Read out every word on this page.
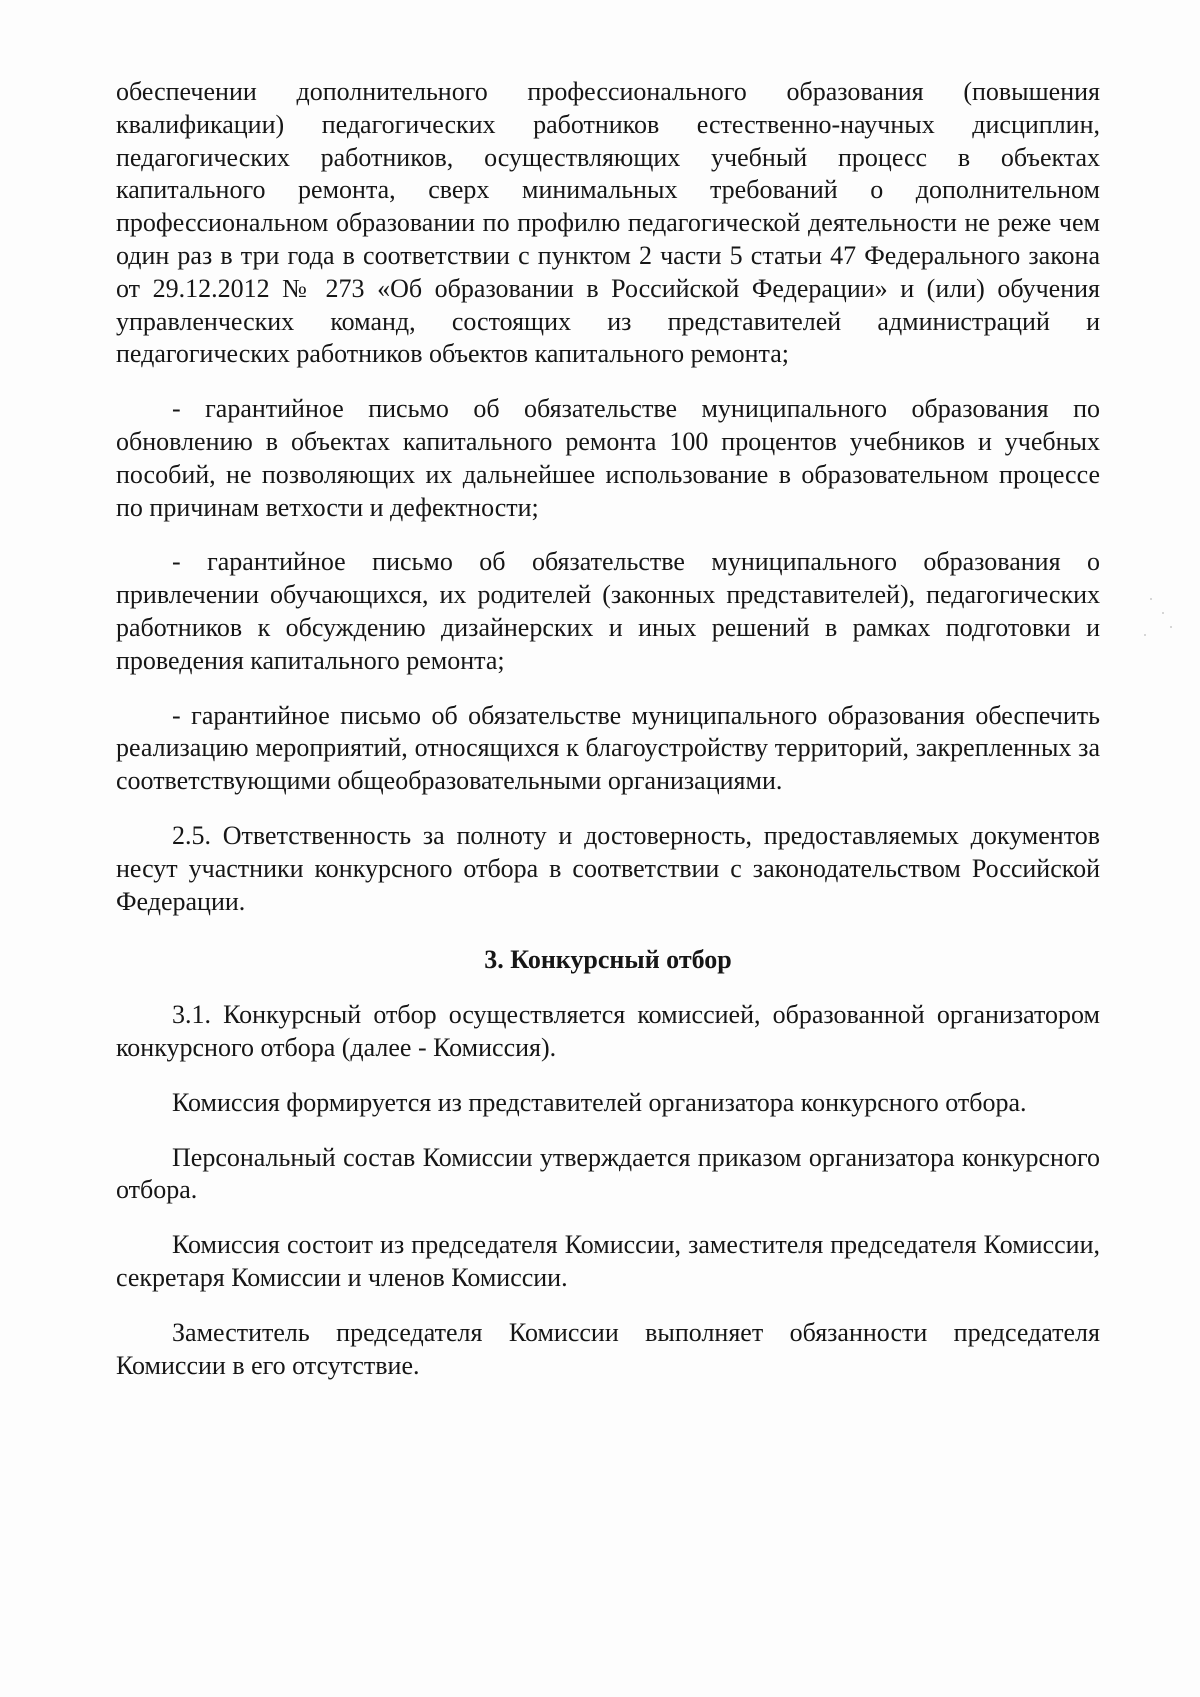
обеспечении дополнительного профессионального образования (повышения квалификации) педагогических работников естественно-научных дисциплин, педагогических работников, осуществляющих учебный процесс в объектах капитального ремонта, сверх минимальных требований о дополнительном профессиональном образовании по профилю педагогической деятельности не реже чем один раз в три года в соответствии с пунктом 2 части 5 статьи 47 Федерального закона от 29.12.2012 № 273 «Об образовании в Российской Федерации» и (или) обучения управленческих команд, состоящих из представителей администраций и педагогических работников объектов капитального ремонта;

- гарантийное письмо об обязательстве муниципального образования по обновлению в объектах капитального ремонта 100 процентов учебников и учебных пособий, не позволяющих их дальнейшее использование в образовательном процессе по причинам ветхости и дефектности;

- гарантийное письмо об обязательстве муниципального образования о привлечении обучающихся, их родителей (законных представителей), педагогических работников к обсуждению дизайнерских и иных решений в рамках подготовки и проведения капитального ремонта;

- гарантийное письмо об обязательстве муниципального образования обеспечить реализацию мероприятий, относящихся к благоустройству территорий, закрепленных за соответствующими общеобразовательными организациями.

2.5. Ответственность за полноту и достоверность, предоставляемых документов несут участники конкурсного отбора в соответствии с законодательством Российской Федерации.

3. Конкурсный отбор

3.1. Конкурсный отбор осуществляется комиссией, образованной организатором конкурсного отбора (далее - Комиссия).

Комиссия формируется из представителей организатора конкурсного отбора.

Персональный состав Комиссии утверждается приказом организатора конкурсного отбора.

Комиссия состоит из председателя Комиссии, заместителя председателя Комиссии, секретаря Комиссии и членов Комиссии.

Заместитель председателя Комиссии выполняет обязанности председателя Комиссии в его отсутствие.
